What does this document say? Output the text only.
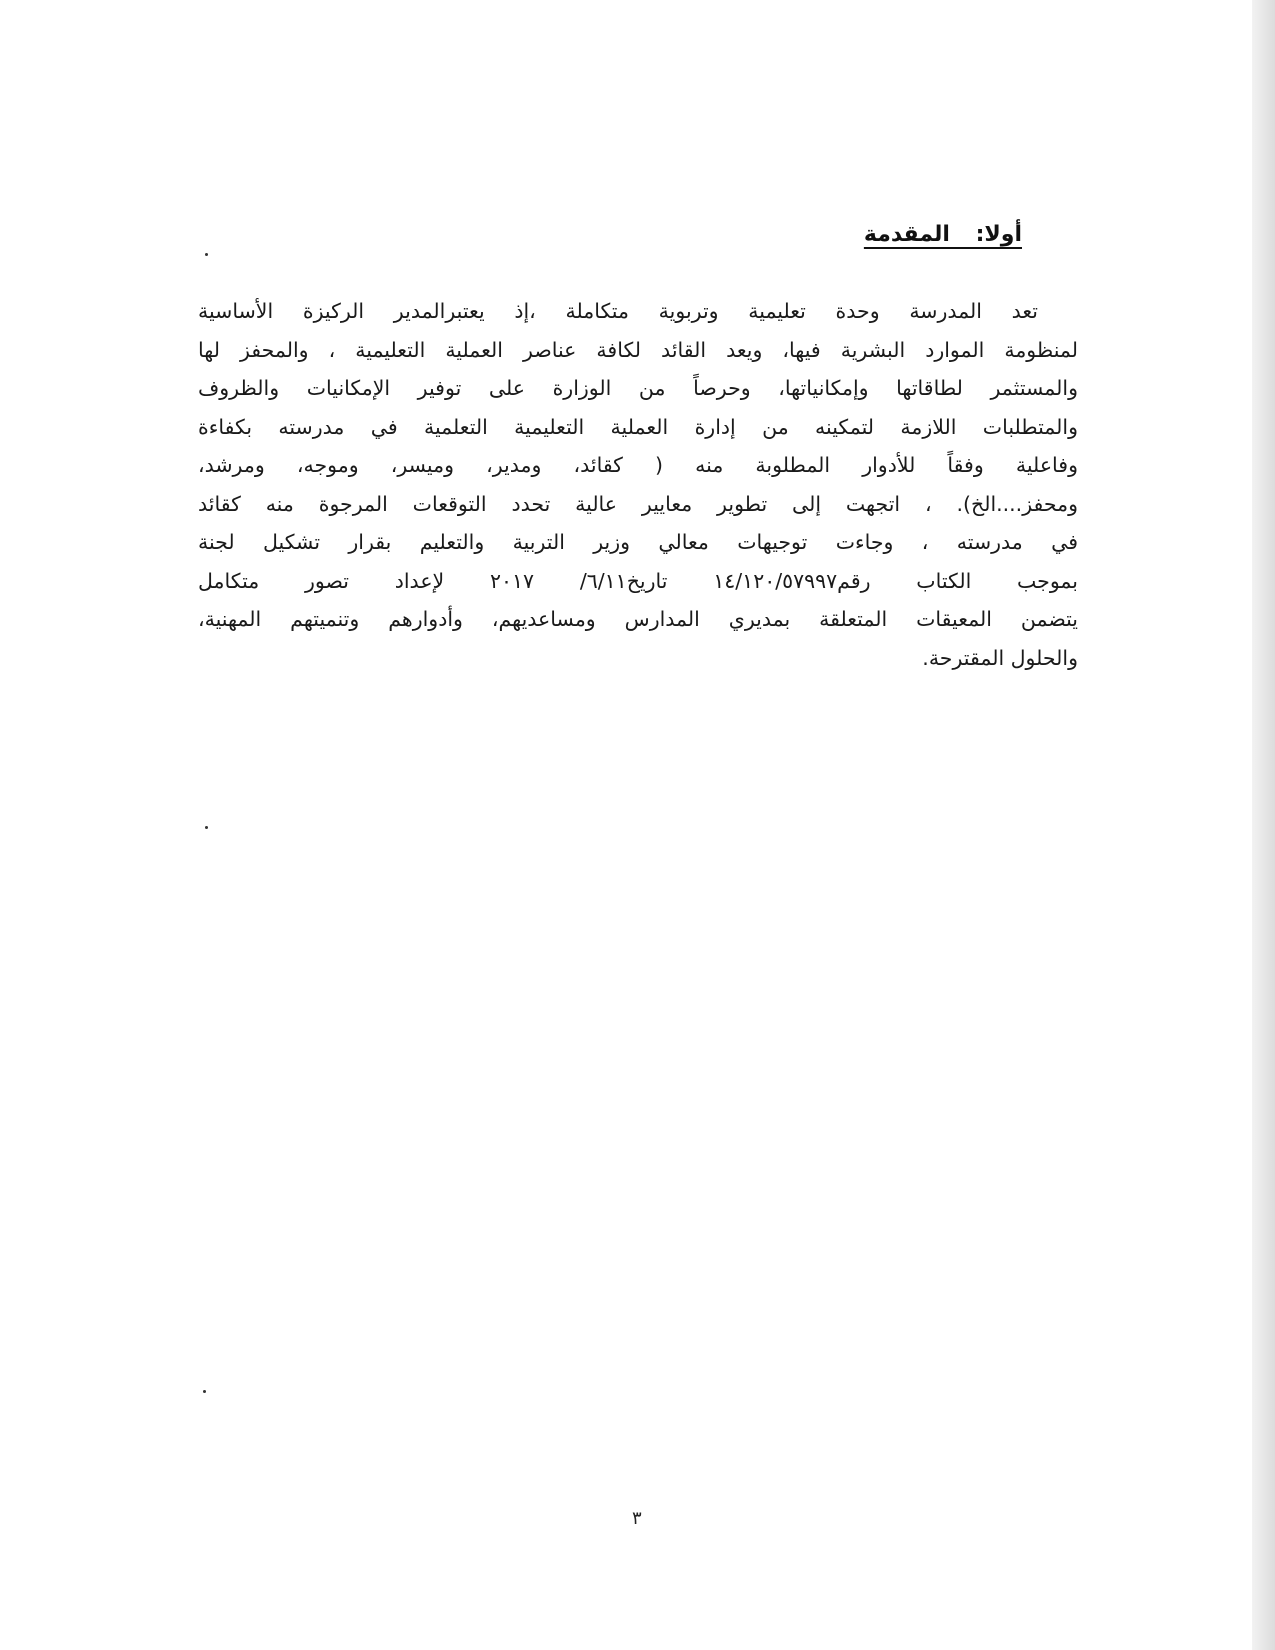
أولا: المقدمة
تعد المدرسة وحدة تعليمية وتربوية متكاملة ،إذ يعتبرالمدير الركيزة الأساسية
لمنظومة الموارد البشرية فيها، ويعد القائد لكافة عناصر العملية التعليمية ، والمحفز لها
والمستثمر لطاقاتها وإمكانياتها، وحرصاً من الوزارة على توفير الإمكانيات والظروف
والمتطلبات اللازمة لتمكينه من إدارة العملية التعليمية التعلمية في مدرسته بكفاءة
وفاعلية وفقاً للأدوار المطلوبة منه ( كقائد، ومدير، وميسر، وموجه، ومرشد،
ومحفز....الخ). ، اتجهت إلى تطوير معايير عالية تحدد التوقعات المرجوة منه كقائد
في مدرسته ، وجاءت توجيهات معالي وزير التربية والتعليم بقرار تشكيل لجنة
بموجب الكتاب رقم١٤/١٢٠/٥٧٩٩٧ تاريخ٦/١١/ ٢٠١٧ لإعداد تصور متكامل
يتضمن المعيقات المتعلقة بمديري المدارس ومساعديهم، وأدوارهم وتنميتهم المهنية،
والحلول المقترحة.
٣
